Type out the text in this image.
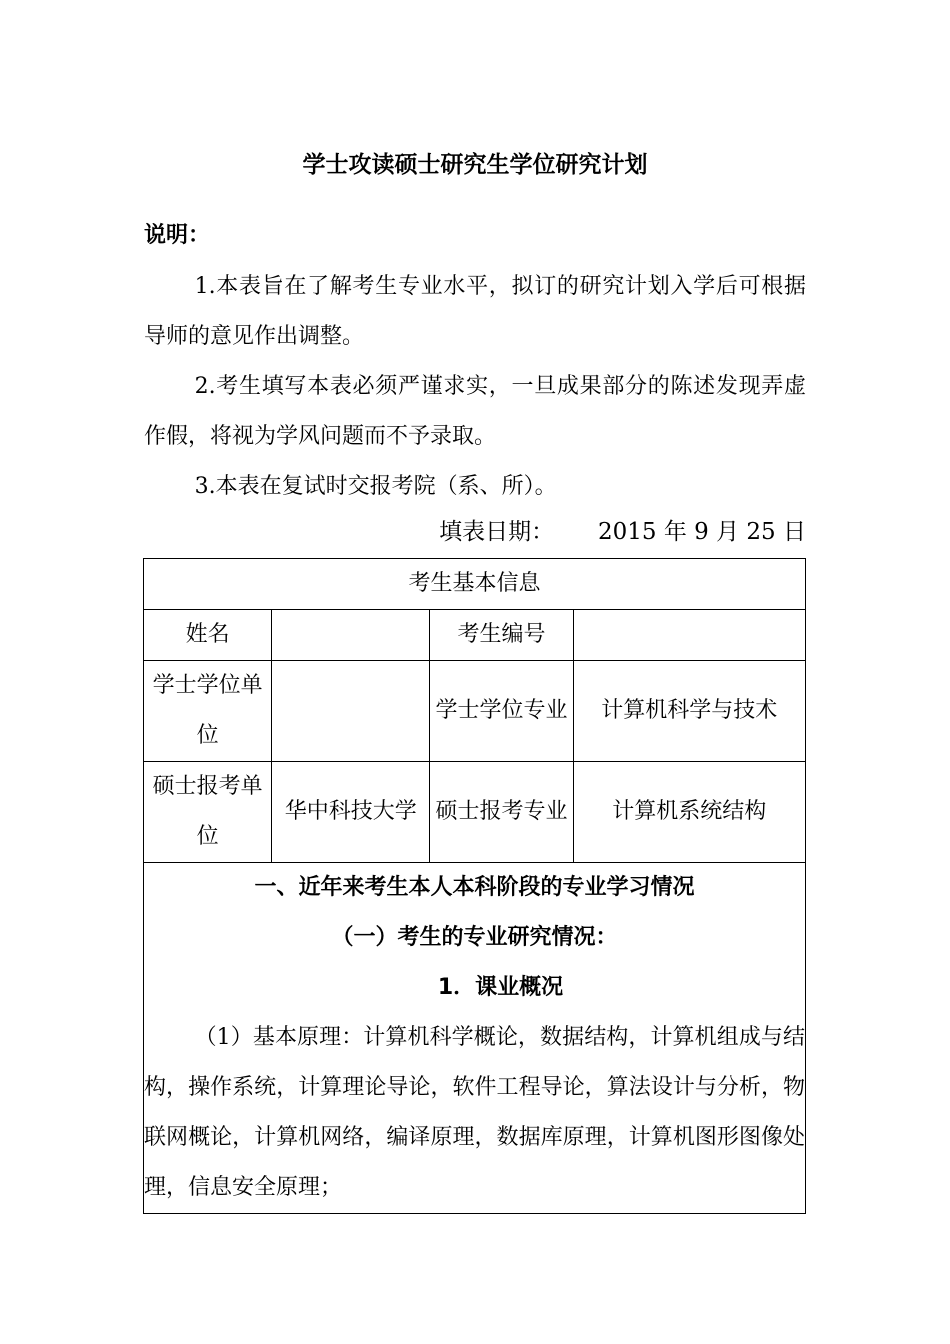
学士攻读硕士研究生学位研究计划
说明：

1.本表旨在了解考生专业水平，拟订的研究计划入学后可根据导师的意见作出调整。

2.考生填写本表必须严谨求实，一旦成果部分的陈述发现弄虚作假，将视为学风问题而不予录取。

3.本表在复试时交报考院（系、所）。

填表日期： 2015 年 9 月 25 日
考生基本信息			
姓名		考生编号	
学士学位单位		学士学位专业	计算机科学与技术
硕士报考单位	华中科技大学	硕士报考专业	计算机系统结构

一、近年来考生本人本科阶段的专业学习情况
（一）考生的专业研究情况：
1．课业概况

（1）基本原理：计算机科学概论，数据结构，计算机组成与结构，操作系统，计算理论导论，软件工程导论，算法设计与分析，物联网概论，计算机网络，编译原理，数据库原理，计算机图形图像处理，信息安全原理；			
